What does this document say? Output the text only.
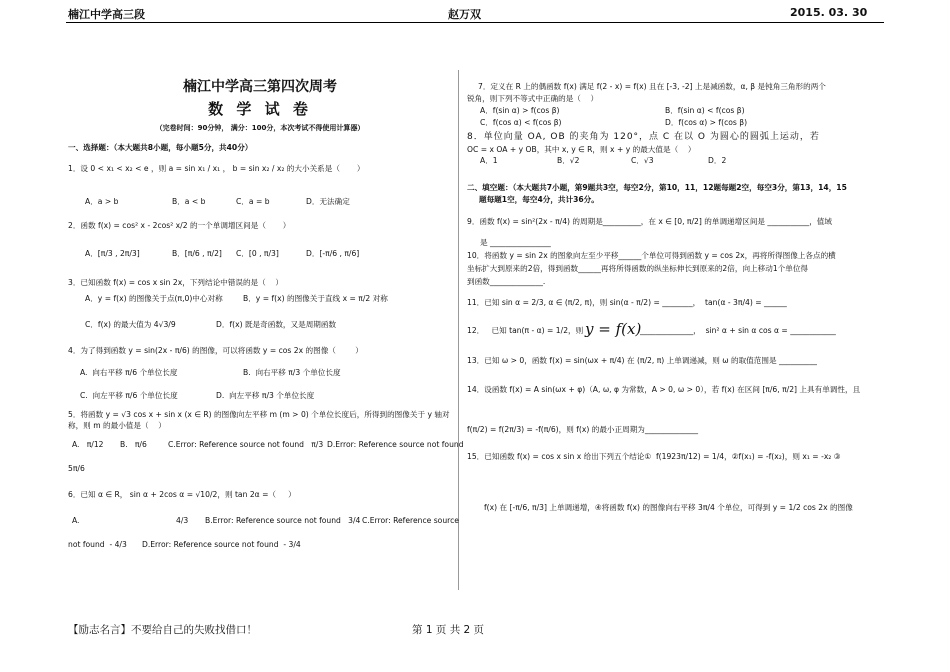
楠江中学高三段	赵万双	2015. 03. 30
楠江中学高三第四次周考
数 学 试 卷
（完卷时间：90分钟， 满分：100分，本次考试不得使用计算器）
一、选择题：（本大题共8小题，每小题5分，共40分）
1．设 0 < x₁ < x₂ < e ，则 a = sin x₁ / x₁ ， b = sin x₂ / x₂ 的大小关系是（       ）
A．a > b	B．a < b	C．a = b	D．无法确定
2．函数 f(x) = cos² x - 2cos² x/2 的一个单调增区间是（       ）
A．[π/3 , 2π/3]	B．[π/6 , π/2] C．[0 , π/3]	D．[-π/6 , π/6]
3．已知函数 f(x) = cos x sin 2x，下列结论中错误的是（    ）
A．y = f(x) 的图像关于点(π,0)中心对称	B．y = f(x) 的图像关于直线 x = π/2 对称
C．f(x) 的最大值为 4√3/9	D．f(x) 既是奇函数，又是周期函数
4．为了得到函数 y = sin(2x - π/6) 的图像，可以将函数 y = cos 2x 的图像（        ）
A.  向右平移 π/6 个单位长度	B.  向右平移 π/3 个单位长度
C.  向左平移 π/6 个单位长度	D.  向左平移 π/3 个单位长度
5．将函数 y = √3 cos x + sin x (x ∈ R) 的图像向左平移 m (m > 0) 个单位长度后，所得到的图像关于 y 轴对
称，则 m 的最小值是（    ）
A.   π/12 B.   π/6	C.Error: Reference source not found   π/3 D.Error: Reference source not found
5π/6
6．已知 α ∈ R， sin α + 2cos α = √10/2，则 tan 2α =（     ）
A.	4/3 B.Error: Reference source not found   3/4 C.Error: Reference source
not found  - 4/3 D.Error: Reference source not found  - 3/4
7．定义在 R 上的偶函数 f(x) 满足 f(2 - x) = f(x) 且在 [-3, -2] 上是减函数，α, β 是钝角三角形的两个
锐角，则下列不等式中正确的是（    ）
A．f(sin α) > f(cos β)	B．f(sin α) < f(cos β)
C．f(cos α) < f(cos β)	D．f(cos α) > f(cos β)
8．单位向量 OA, OB 的夹角为 120°，点 C 在以 O 为圆心的圆弧上运动，若
OC = x OA + y OB，其中 x, y ∈ R，则 x + y 的最大值是（    ）
A．1	B．√2	C．√3	D．2
二、填空题：（本大题共7小题，第9题共3空，每空2分，第10，11，12题每题2空，每空3分，第13，14，15
题每题1空，每空4分，共计36分。
9．函数 f(x) = sin²(2x - π/4) 的周期是__________，在 x ∈ [0, π/2] 的单调递增区间是 ___________，值域
是 ________________
10．将函数 y = sin 2x 的图象向左至少平移______个单位可得到函数 y = cos 2x，再将所得图像上各点的横
坐标扩大到原来的2倍，得到函数______再将所得函数的纵坐标伸长到原来的2倍，向上移动1个单位得
到函数______________.
11．已知 sin α = 2/3, α ∈ (π/2, π)，则 sin(α - π/2) = ________，  tan(α - 3π/4) = ______
12．   已知 tan(π - α) = 1/2，则 y = f(x)
______________，  sin² α + sin α cos α = ____________
13．已知 ω > 0，函数 f(x) = sin(ωx + π/4) 在 (π/2, π) 上单调递减，则 ω 的取值范围是 __________
14．设函数 f(x) = A sin(ωx + φ)（A, ω, φ 为常数，A > 0, ω > 0），若 f(x) 在区间 [π/6, π/2] 上具有单调性，且
f(π/2) = f(2π/3) = -f(π/6)，则 f(x) 的最小正周期为______________
15．已知函数 f(x) = cos x sin x 给出下列五个结论①  f(1923π/12) = 1/4，②f(x₁) = -f(x₂)，则 x₁ = -x₂ ③
f(x) 在 [-π/6, π/3] 上单调递增，④将函数 f(x) 的图像向右平移 3π/4 个单位，可得到 y = 1/2 cos 2x 的图像
【励志名言】不要给自己的失败找借口！	第 1 页 共 2 页
